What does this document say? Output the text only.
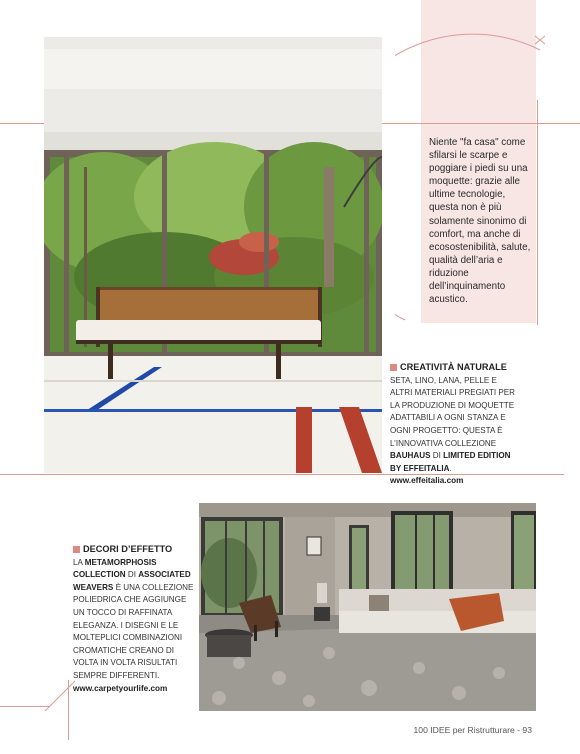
Niente "fa casa" come sfilarsi le scarpe e poggiare i piedi su una moquette: grazie alle ultime tecnologie, questa non è più solamente sinonimo di comfort, ma anche di ecosostenibilità, salute, qualità dell’aria e riduzione dell’inquinamento acustico.
CREATIVITÀ NATURALE
SETA, LINO, LANA, PELLE E ALTRI MATERIALI PREGIATI PER LA PRODUZIONE DI MOQUETTE ADATTABILI A OGNI STANZA E OGNI PROGETTO: QUESTA È L’INNOVATIVA COLLEZIONE BAUHAUS DI LIMITED EDITION BY EFFEITALIA.
www.effeitalia.com
DECORI D’EFFETTO
LA METAMORPHOSIS COLLECTION DI ASSOCIATED WEAVERS È UNA COLLEZIONE POLIEDRICA CHE AGGIUNGE UN TOCCO DI RAFFINATA ELEGANZA. I DISEGNI E LE MOLTEPLICI COMBINAZIONI CROMATICHE CREANO DI VOLTA IN VOLTA RISULTATI SEMPRE DIFFERENTI.
www.carpetyourlife.com
100 IDEE per Ristrutturare - 93
